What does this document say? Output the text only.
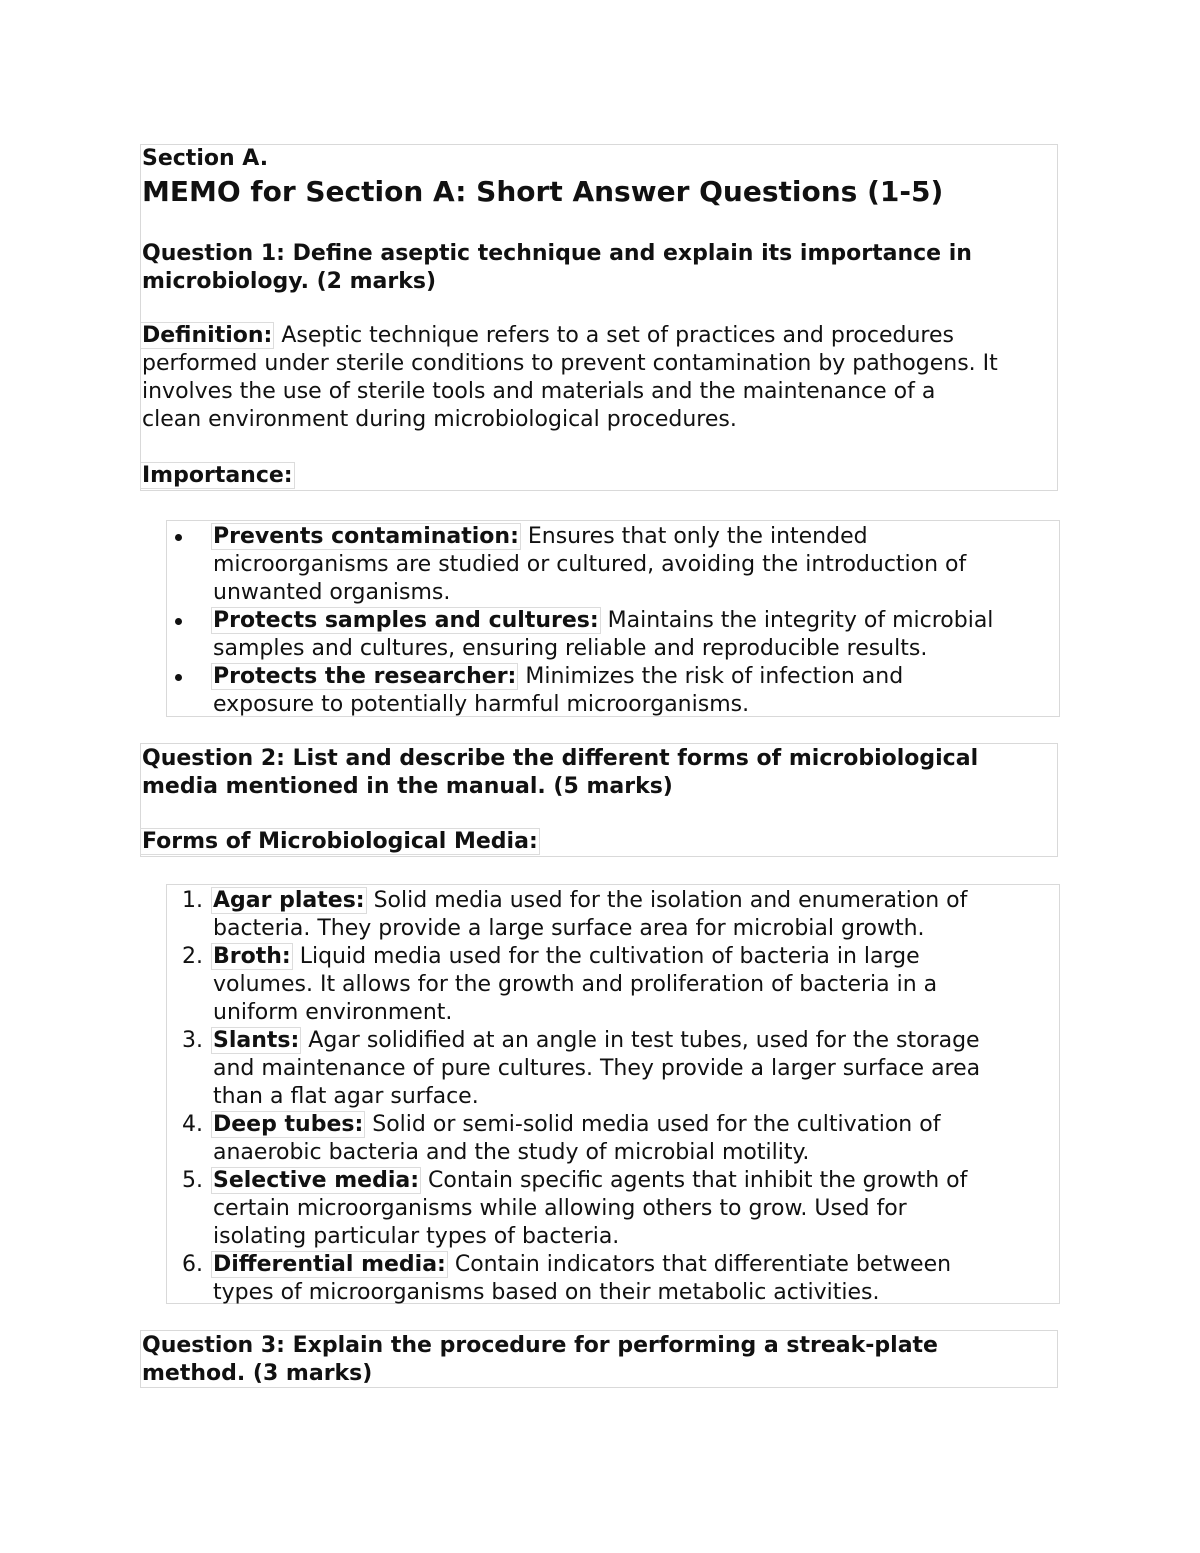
Section A.

MEMO for Section A: Short Answer Questions (1-5)

Question 1: Define aseptic technique and explain its importance in

microbiology. (2 marks)

Definition: Aseptic technique refers to a set of practices and procedures

performed under sterile conditions to prevent contamination by pathogens. It

involves the use of sterile tools and materials and the maintenance of a

clean environment during microbiological procedures.

Importance:

Prevents contamination: Ensures that only the intended

microorganisms are studied or cultured, avoiding the introduction of

unwanted organisms.

Protects samples and cultures: Maintains the integrity of microbial

samples and cultures, ensuring reliable and reproducible results.

Protects the researcher: Minimizes the risk of infection and

exposure to potentially harmful microorganisms.

Question 2: List and describe the different forms of microbiological

media mentioned in the manual. (5 marks)

Forms of Microbiological Media:

1. Agar plates: Solid media used for the isolation and enumeration of

bacteria. They provide a large surface area for microbial growth.

2. Broth: Liquid media used for the cultivation of bacteria in large

volumes. It allows for the growth and proliferation of bacteria in a

uniform environment.

3. Slants: Agar solidified at an angle in test tubes, used for the storage

and maintenance of pure cultures. They provide a larger surface area

than a flat agar surface.

4. Deep tubes: Solid or semi-solid media used for the cultivation of

anaerobic bacteria and the study of microbial motility.

5. Selective media: Contain specific agents that inhibit the growth of

certain microorganisms while allowing others to grow. Used for

isolating particular types of bacteria.

6. Differential media: Contain indicators that differentiate between

types of microorganisms based on their metabolic activities.

Question 3: Explain the procedure for performing a streak-plate

method. (3 marks)
